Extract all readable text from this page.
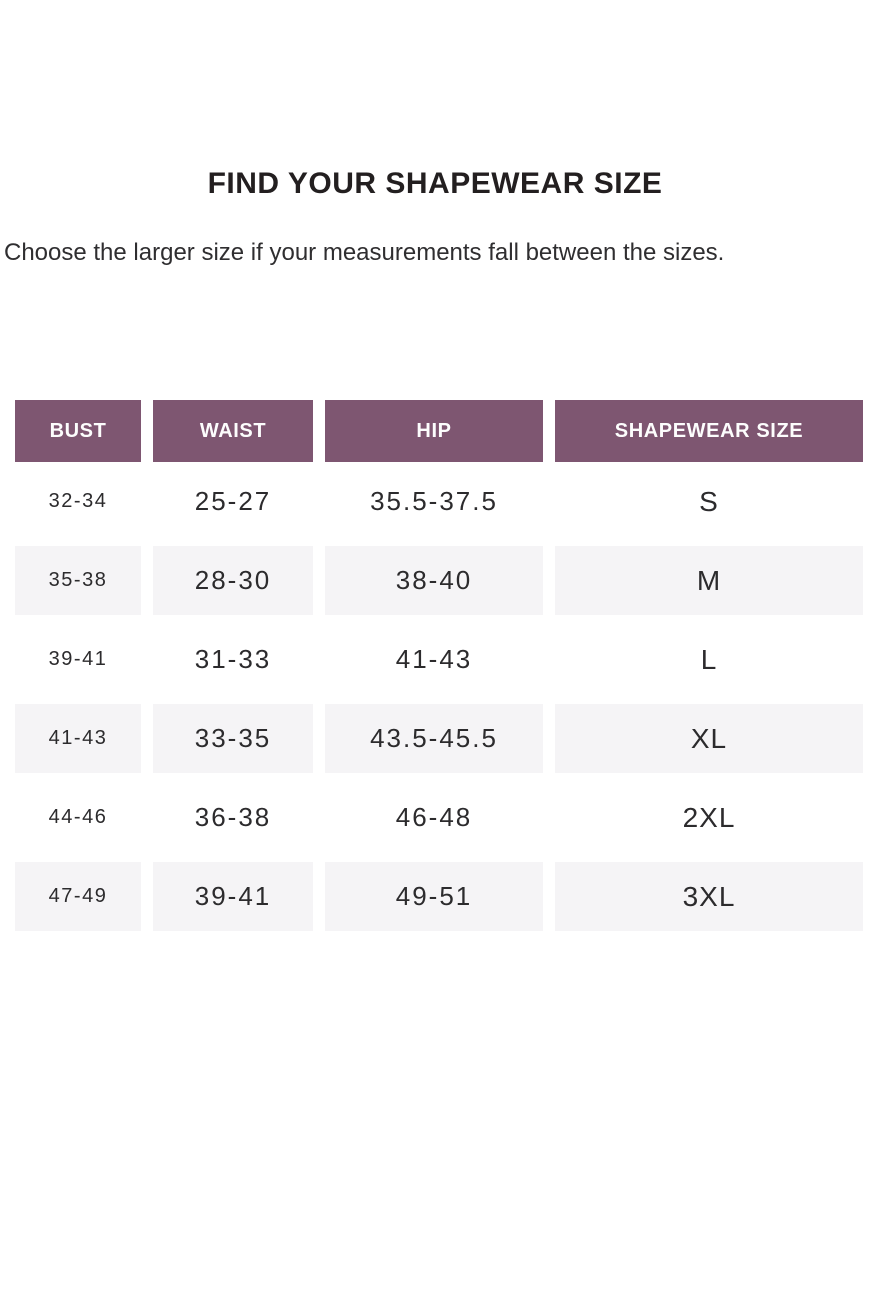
FIND YOUR SHAPEWEAR SIZE

Choose the larger size if your measurements fall between the sizes.

BUST	WAIST	HIP	SHAPEWEAR SIZE
32-34	25-27	35.5-37.5	S
35-38	28-30	38-40	M
39-41	31-33	41-43	L
41-43	33-35	43.5-45.5	XL
44-46	36-38	46-48	2XL
47-49	39-41	49-51	3XL
